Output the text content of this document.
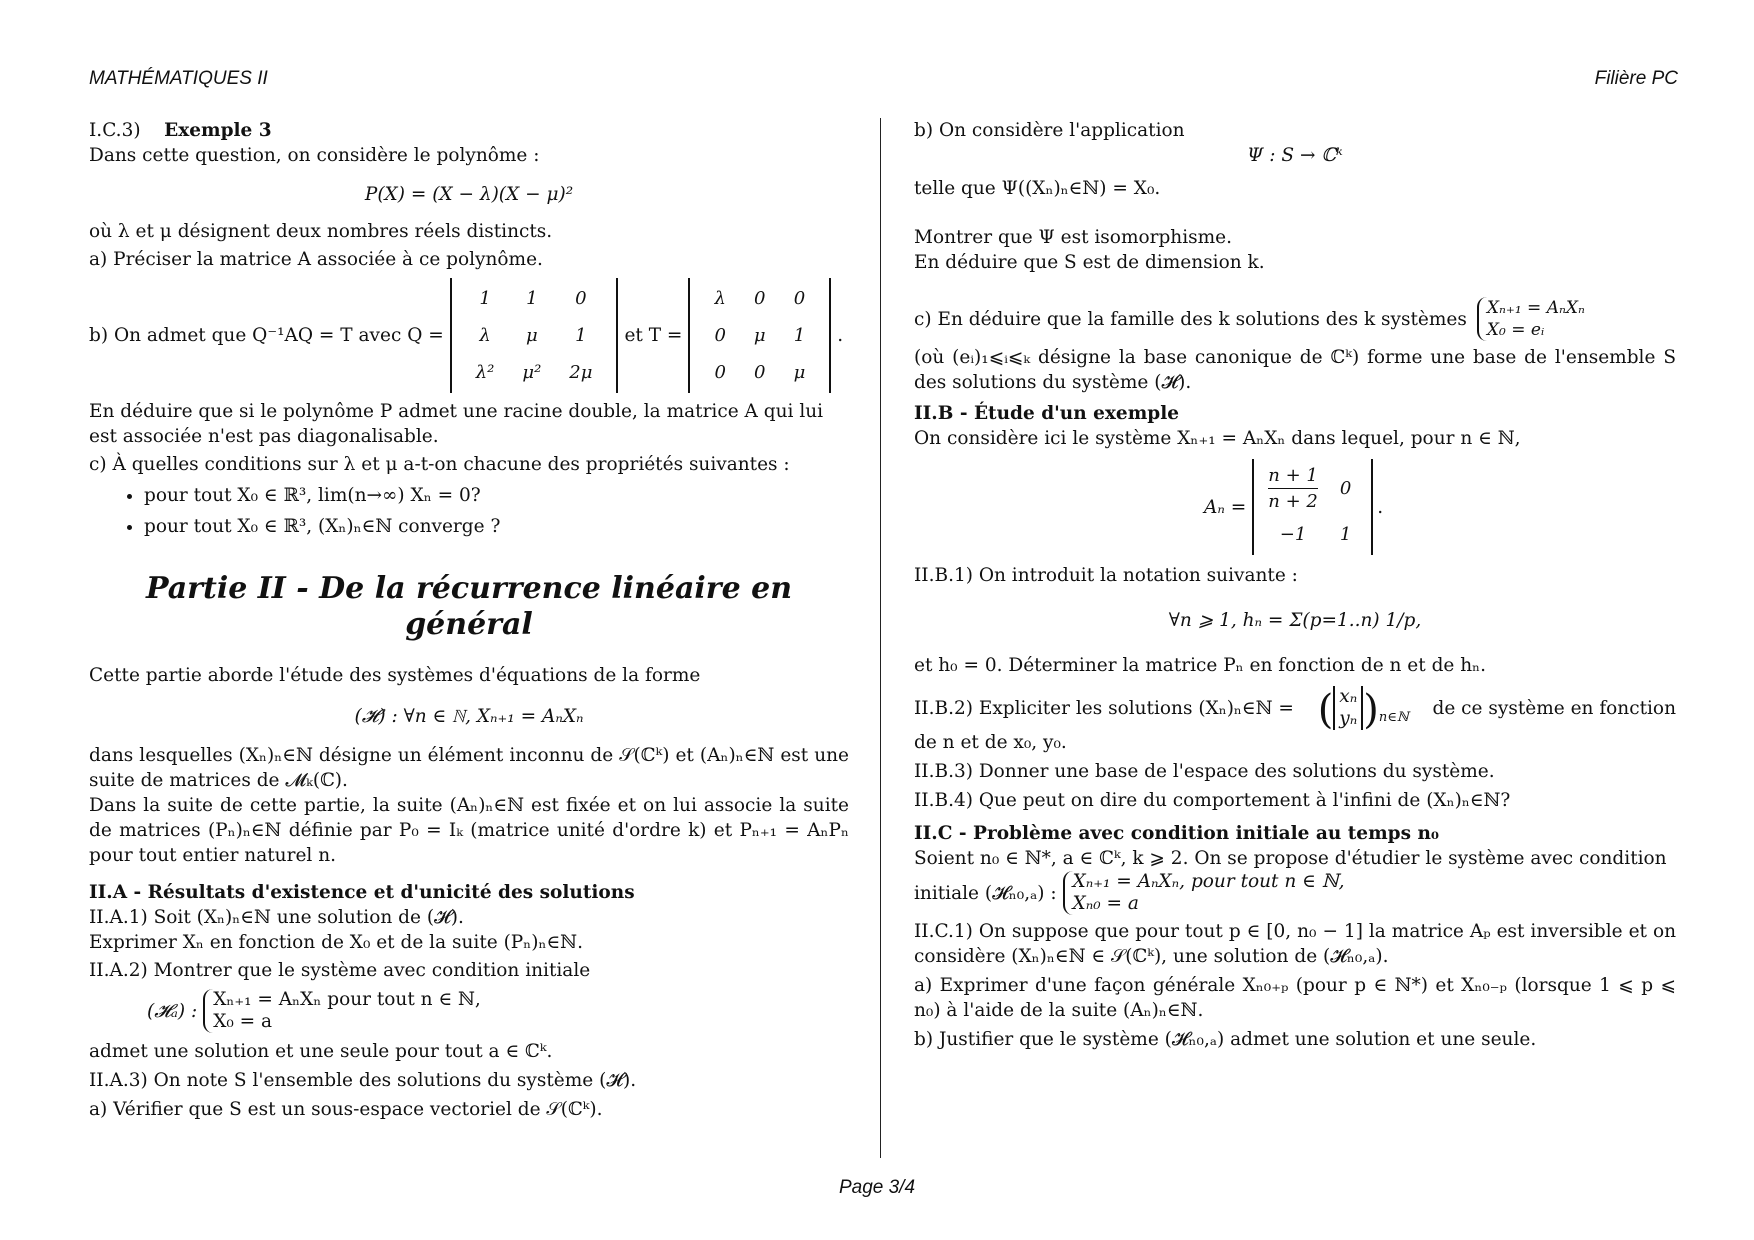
MATHÉMATIQUES II	Filière PC
Page 3/4

I.C.3) Exemple 3

Dans cette question, on considère le polynôme :

P(X) = (X − λ)(X − μ)²

où λ et μ désignent deux nombres réels distincts.

a) Préciser la matrice A associée à ce polynôme.

b) On admet que Q⁻¹AQ = T avec Q =
1	1	0
λ	μ	1
λ²	μ²	2μ
et T =
λ	0	0
0	μ	1
0	0	μ
.

En déduire que si le polynôme P admet une racine double, la matrice A qui lui est associée n'est pas diagonalisable.

c) À quelles conditions sur λ et μ a-t-on chacune des propriétés suivantes :

• pour tout X₀ ∈ ℝ³, lim(n→∞) Xₙ = 0?
• pour tout X₀ ∈ ℝ³, (Xₙ)ₙ∈ℕ converge ?

Partie II - De la récurrence linéaire en général

Cette partie aborde l'étude des systèmes d'équations de la forme

(𝓗) : ∀n ∈ ℕ, Xₙ₊₁ = AₙXₙ

dans lesquelles (Xₙ)ₙ∈ℕ désigne un élément inconnu de 𝒮(ℂᵏ) et (Aₙ)ₙ∈ℕ est une suite de matrices de 𝓜ₖ(ℂ).

Dans la suite de cette partie, la suite (Aₙ)ₙ∈ℕ est fixée et on lui associe la suite de matrices (Pₙ)ₙ∈ℕ définie par P₀ = Iₖ (matrice unité d'ordre k) et Pₙ₊₁ = AₙPₙ pour tout entier naturel n.

II.A - Résultats d'existence et d'unicité des solutions

II.A.1) Soit (Xₙ)ₙ∈ℕ une solution de (𝓗).

Exprimer Xₙ en fonction de X₀ et de la suite (Pₙ)ₙ∈ℕ.

II.A.2) Montrer que le système avec condition initiale

(𝓗ₐ) :
Xₙ₊₁ = AₙXₙ pour tout n ∈ ℕ,
X₀ = a

admet une solution et une seule pour tout a ∈ ℂᵏ.

II.A.3) On note S l'ensemble des solutions du système (𝓗).

a) Vérifier que S est un sous-espace vectoriel de 𝒮(ℂᵏ).

b) On considère l'application

Ψ : S → ℂᵏ

telle que Ψ((Xₙ)ₙ∈ℕ) = X₀.

Montrer que Ψ est isomorphisme.

En déduire que S est de dimension k.

c) En déduire que la famille des k solutions des k systèmes
Xₙ₊₁ = AₙXₙ
X₀ = eᵢ

(où (eᵢ)₁⩽ᵢ⩽ₖ désigne la base canonique de ℂᵏ) forme une base de l'ensemble S des solutions du système (𝓗).

II.B - Étude d'un exemple

On considère ici le système Xₙ₊₁ = AₙXₙ dans lequel, pour n ∈ ℕ,

Aₙ =
n + 1
n + 2	0
−1	1
.

II.B.1) On introduit la notation suivante :

∀n ⩾ 1, hₙ = Σ(p=1..n) 1/p,

et h₀ = 0. Déterminer la matrice Pₙ en fonction de n et de hₙ.

II.B.2) Expliciter les solutions (Xₙ)ₙ∈ℕ = ( xₙ
yₙ ) n∈ℕ de ce système en fonction

de n et de x₀, y₀.

II.B.3) Donner une base de l'espace des solutions du système.

II.B.4) Que peut on dire du comportement à l'infini de (Xₙ)ₙ∈ℕ?

II.C - Problème avec condition initiale au temps n₀

Soient n₀ ∈ ℕ*, a ∈ ℂᵏ, k ⩾ 2. On se propose d'étudier le système avec condition

initiale (𝓗ₙ₀,ₐ) :
Xₙ₊₁ = AₙXₙ, pour tout n ∈ ℕ,
Xₙ₀ = a

II.C.1) On suppose que pour tout p ∈ [0, n₀ − 1] la matrice Aₚ est inversible et on considère (Xₙ)ₙ∈ℕ ∈ 𝒮(ℂᵏ), une solution de (𝓗ₙ₀,ₐ).

a) Exprimer d'une façon générale Xₙ₀₊ₚ (pour p ∈ ℕ*) et Xₙ₀₋ₚ (lorsque 1 ⩽ p ⩽ n₀) à l'aide de la suite (Aₙ)ₙ∈ℕ.

b) Justifier que le système (𝓗ₙ₀,ₐ) admet une solution et une seule.
